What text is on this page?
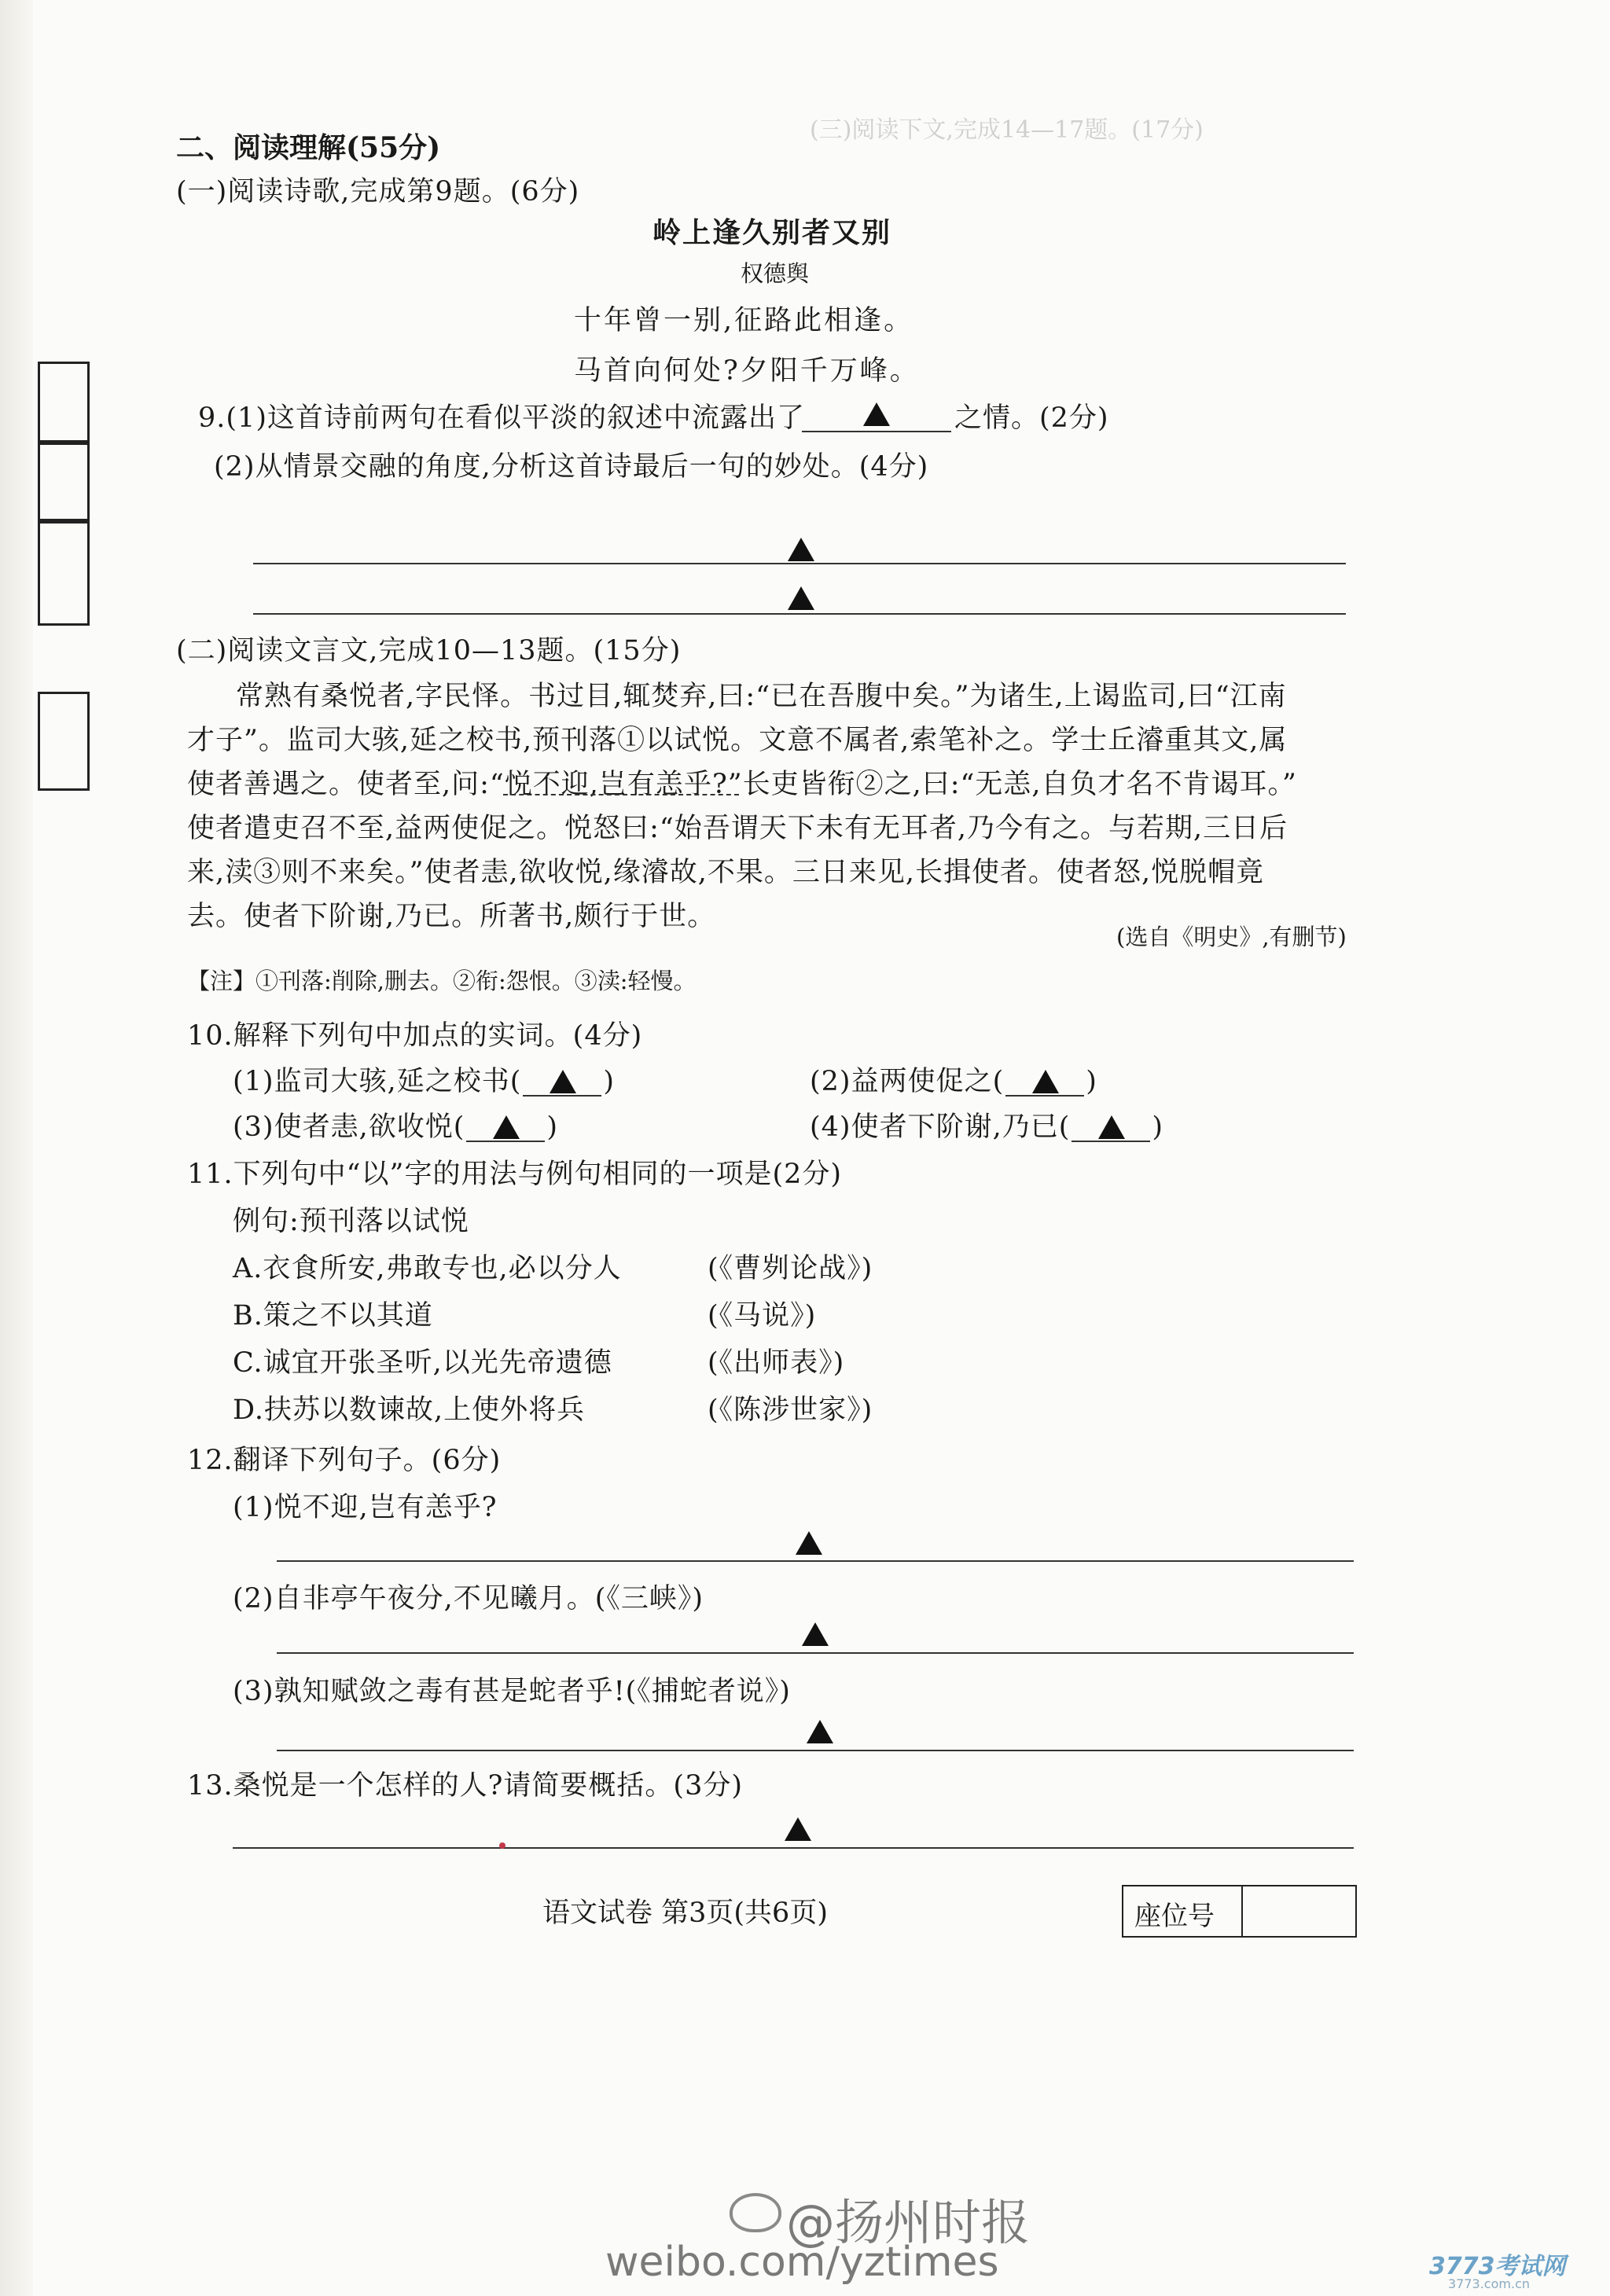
(三)阅读下文,完成14—17题。(17分)
二、阅读理解(55分)
(一)阅读诗歌,完成第9题。(6分)
岭上逢久别者又别
权德舆
十年曾一别,征路此相逢。
马首向何处?夕阳千万峰。
9.(1)这首诗前两句在看似平淡的叙述中流露出了	之情。(2分)
(2)从情景交融的角度,分析这首诗最后一句的妙处。(4分)
(二)阅读文言文,完成10—13题。(15分)
常熟有桑悦者,字民怿。书过目,辄焚弃,曰:“已在吾腹中矣。”为诸生,上谒监司,曰“江南
才子”。监司大骇,延之校书,预刊落①以试悦。文意不属者,索笔补之。学士丘濬重其文,属
使者善遇之。使者至,问:“悦不迎,岂有恙乎?”长吏皆衔②之,曰:“无恙,自负才名不肯谒耳。”
使者遣吏召不至,益两使促之。悦怒曰:“始吾谓天下未有无耳者,乃今有之。与若期,三日后
来,渎③则不来矣。”使者恚,欲收悦,缘濬故,不果。三日来见,长揖使者。使者怒,悦脱帽竟
去。使者下阶谢,乃已。所著书,颇行于世。
(选自《明史》,有删节)
【注】①刊落:削除,删去。②衔:怨恨。③渎:轻慢。
10.解释下列句中加点的实词。(4分)
(1)监司大骇,延之校书(	)	(2)益两使促之(	)
(3)使者恚,欲收悦(	)	(4)使者下阶谢,乃已(	)
11.下列句中“以”字的用法与例句相同的一项是(2分)
例句:预刊落以试悦
A.衣食所安,弗敢专也,必以分人	(《曹刿论战》)
B.策之不以其道	(《马说》)
C.诚宜开张圣听,以光先帝遗德	(《出师表》)
D.扶苏以数谏故,上使外将兵	(《陈涉世家》)
12.翻译下列句子。(6分)
(1)悦不迎,岂有恙乎?
(2)自非亭午夜分,不见曦月。(《三峡》)
(3)孰知赋敛之毒有甚是蛇者乎!(《捕蛇者说》)
13.桑悦是一个怎样的人?请简要概括。(3分)
语文试卷 第3页(共6页)	座位号
@扬州时报
weibo.com/yztimes	3773考试网
3773.com.cn
